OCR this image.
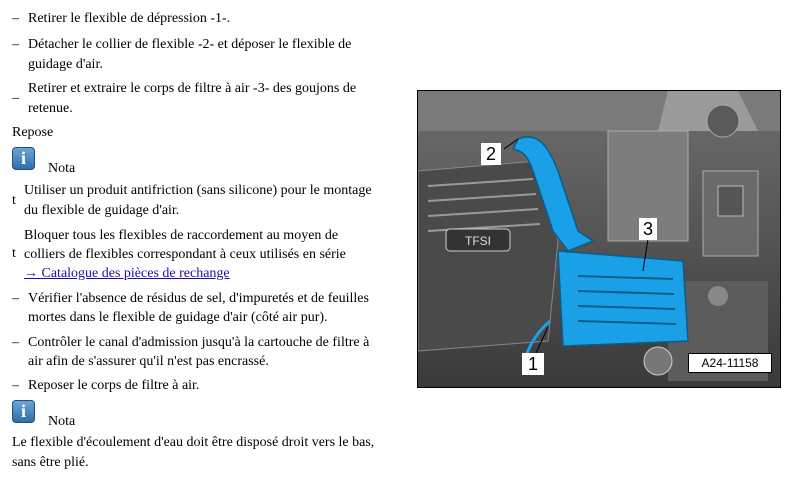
– Retirer le flexible de dépression -1-.
– Détacher le collier de flexible -2- et déposer le flexible de
guidage d'air.
_ Retirer et extraire le corps de filtre à air -3- des goujons de
retenue.
Repose
i
Nota
t
Utiliser un produit antifriction (sans silicone) pour le montage
du flexible de guidage d'air.
t
Bloquer tous les flexibles de raccordement au moyen de
colliers de flexibles correspondant à ceux utilisés en série
→ Catalogue des pièces de rechange
– Vérifier l'absence de résidus de sel, d'impuretés et de feuilles
mortes dans le flexible de guidage d'air (côté air pur).
– Contrôler le canal d'admission jusqu'à la cartouche de filtre à
air afin de s'assurer qu'il n'est pas encrassé.
– Reposer le corps de filtre à air.
i
Nota
Le flexible d'écoulement d'eau doit être disposé droit vers le bas,
sans être plié.
TFSI
2
3
1	A24-11158
